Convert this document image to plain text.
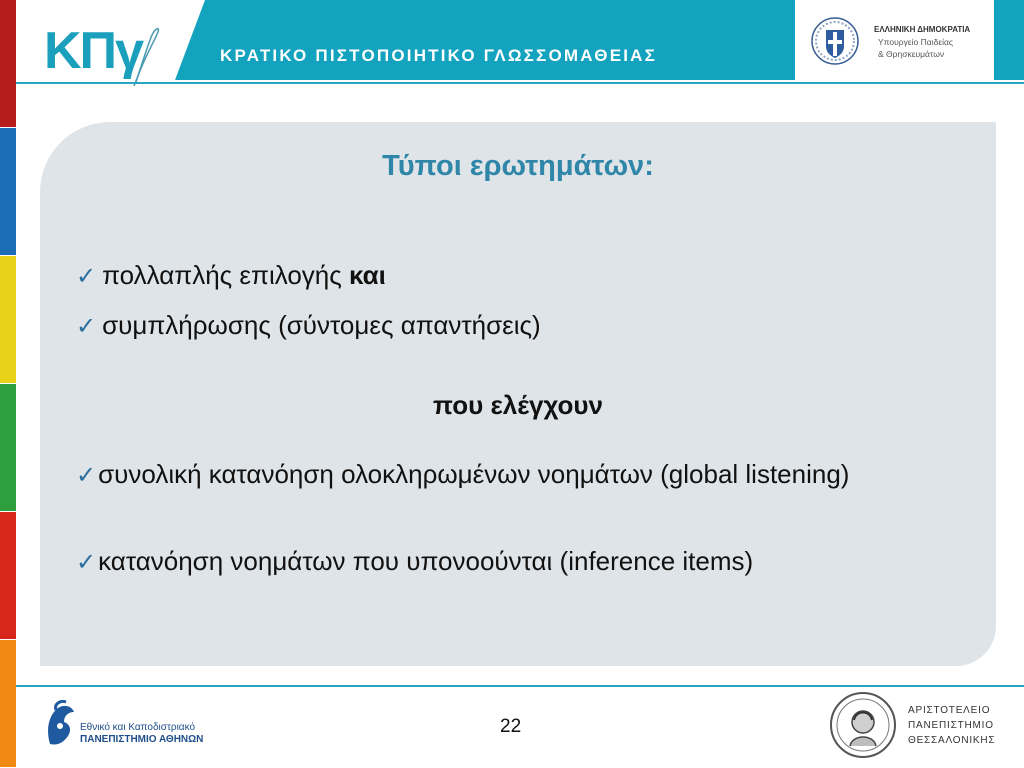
ΚΠγ	ΚΡΑΤΙΚΟ ΠΙΣΤΟΠΟΙΗΤΙΚΟ ΓΛΩΣΣΟΜΑΘΕΙΑΣ
ΕΛΛΗΝΙΚΗ ΔΗΜΟΚΡΑΤΙΑ
Υπουργείο Παιδείας
& Θρησκευμάτων
Τύποι ερωτημάτων:
✓ πολλαπλής επιλογής και
✓ συμπλήρωσης (σύντομες απαντήσεις)
που ελέγχουν
✓συνολική κατανόηση ολοκληρωμένων νοημάτων (global listening)
✓κατανόηση νοημάτων που υπονοούνται (inference items)
Εθνικό και Καποδιστριακό
ΠΑΝΕΠΙΣΤΗΜΙΟ ΑΘΗΝΩΝ
22
ΑΡΙΣΤΟΤΕΛΕΙΟ
ΠΑΝΕΠΙΣΤΗΜΙΟ
ΘΕΣΣΑΛΟΝΙΚΗΣ
